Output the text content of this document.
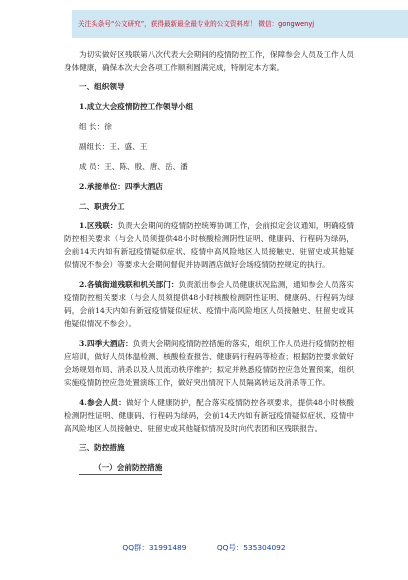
关注头条号“公文研究”，获得最新最全最专业的公文资料库！ 微信：gongwenyj

为切实做好区残联第八次代表大会期间的疫情防控工作，保障参会人员及工作人员身体健康，确保本次大会各项工作顺利圆满完成，特制定本方案。

一、组织领导

1.成立大会疫情防控工作领导小组

组 长：徐

副组长：王、盛、王

成 员：王、陈、殷、唐、岳、潘

2.承接单位：四季大酒店

二、职责分工

1.区残联：负责大会期间的疫情防控统筹协调工作，会前拟定会议通知，明确疫情防控相关要求（与会人员须提供48小时核酸检测阴性证明、健康码、行程码为绿码，会前14天内如有新冠疫情疑似症状、疫情中高风险地区人员接触史、驻留史或其他疑似情况不参会）等要求大会期间督促并协调酒店做好会场疫情防控规定的执行。

2.各镇街道残联和机关部门：负责派出参会人员健康状况监测，通知参会人员落实疫情防控相关要求（与会人员须提供48小时核酸检测阴性证明、健康码、行程码为绿码，会前14天内如有新冠疫情疑似症状、疫情中高风险地区人员接触史、驻留史或其他疑似情况不参会）。

3.四季大酒店：负责大会期间疫情防控措施的落实，组织工作人员进行疫情防控相应培训，做好人员体温检测、核酸检查报告、健康码行程码等检查；根据防控要求做好会场规划布局、消杀以及人员流动秩序维护；拟定并熟悉疫情防控应急处置预案，组织实施疫情防控应急处置演练工作，做好突出情况下人员隔离转运及消杀等工作。

4.参会人员：做好个人健康防护，配合落实疫情防控各项要求，提供48小时核酸检测阴性证明、健康码、行程码为绿码，会前14天内如有新冠疫情疑似症状、疫情中高风险地区人员接触史、驻留史或其他疑似情况及时向代表团和区残联报告。

三、防控措施

（一）会前防控措施

QQ群：31991489	QQ号：535304092
